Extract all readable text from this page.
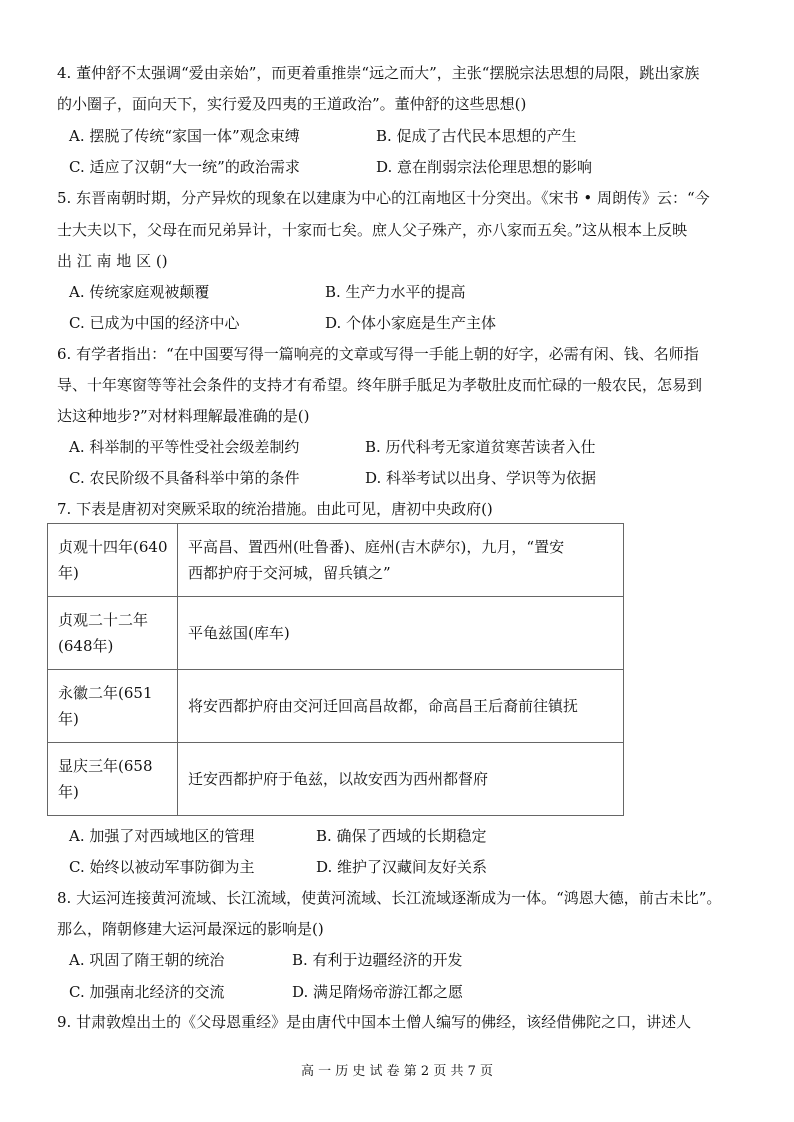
4. 董仲舒不太强调“爱由亲始”，而更着重推崇“远之而大”，主张“摆脱宗法思想的局限，跳出家族
的小圈子，面向天下，实行爱及四夷的王道政治”。董仲舒的这些思想()
A. 摆脱了传统“家国一体”观念束缚	B. 促成了古代民本思想的产生
C. 适应了汉朝“大一统”的政治需求	D. 意在削弱宗法伦理思想的影响
5. 东晋南朝时期，分产异炊的现象在以建康为中心的江南地区十分突出。《宋书 • 周朗传》云：“今
士大夫以下，父母在而兄弟异计，十家而七矣。庶人父子殊产，亦八家而五矣。”这从根本上反映
出 江 南 地 区 ()
A. 传统家庭观被颠覆	B. 生产力水平的提高
C. 已成为中国的经济中心	D. 个体小家庭是生产主体
6. 有学者指出：“在中国要写得一篇响亮的文章或写得一手能上朝的好字，必需有闲、钱、名师指
导、十年寒窗等等社会条件的支持才有希望。终年胼手胝足为孝敬肚皮而忙碌的一般农民，怎易到
达这种地步?”对材料理解最准确的是()
A. 科举制的平等性受社会级差制约	B. 历代科考无家道贫寒苦读者入仕
C. 农民阶级不具备科举中第的条件	D. 科举考试以出身、学识等为依据
7. 下表是唐初对突厥采取的统治措施。由此可见，唐初中央政府()
贞观十四年(640年)	平高昌、置西州(吐鲁番)、庭州(吉木萨尔)，九月，“置安
西都护府于交河城，留兵镇之”

贞观二十二年(648年)	平龟兹国(库车)
永徽二年(651年)	将安西都护府由交河迁回高昌故都，命高昌王后裔前往镇抚
显庆三年(658年)	迁安西都护府于龟兹，以故安西为西州都督府
A. 加强了对西域地区的管理	B. 确保了西域的长期稳定
C. 始终以被动军事防御为主	D. 维护了汉藏间友好关系
8. 大运河连接黄河流域、长江流域，使黄河流域、长江流域逐渐成为一体。“鸿恩大德，前古未比”。
那么，隋朝修建大运河最深远的影响是()
A. 巩固了隋王朝的统治	B. 有利于边疆经济的开发
C. 加强南北经济的交流	D. 满足隋炀帝游江都之愿
9. 甘肃敦煌出土的《父母恩重经》是由唐代中国本土僧人编写的佛经，该经借佛陀之口，讲述人
高 一 历 史 试 卷 第 2 页 共 7 页
